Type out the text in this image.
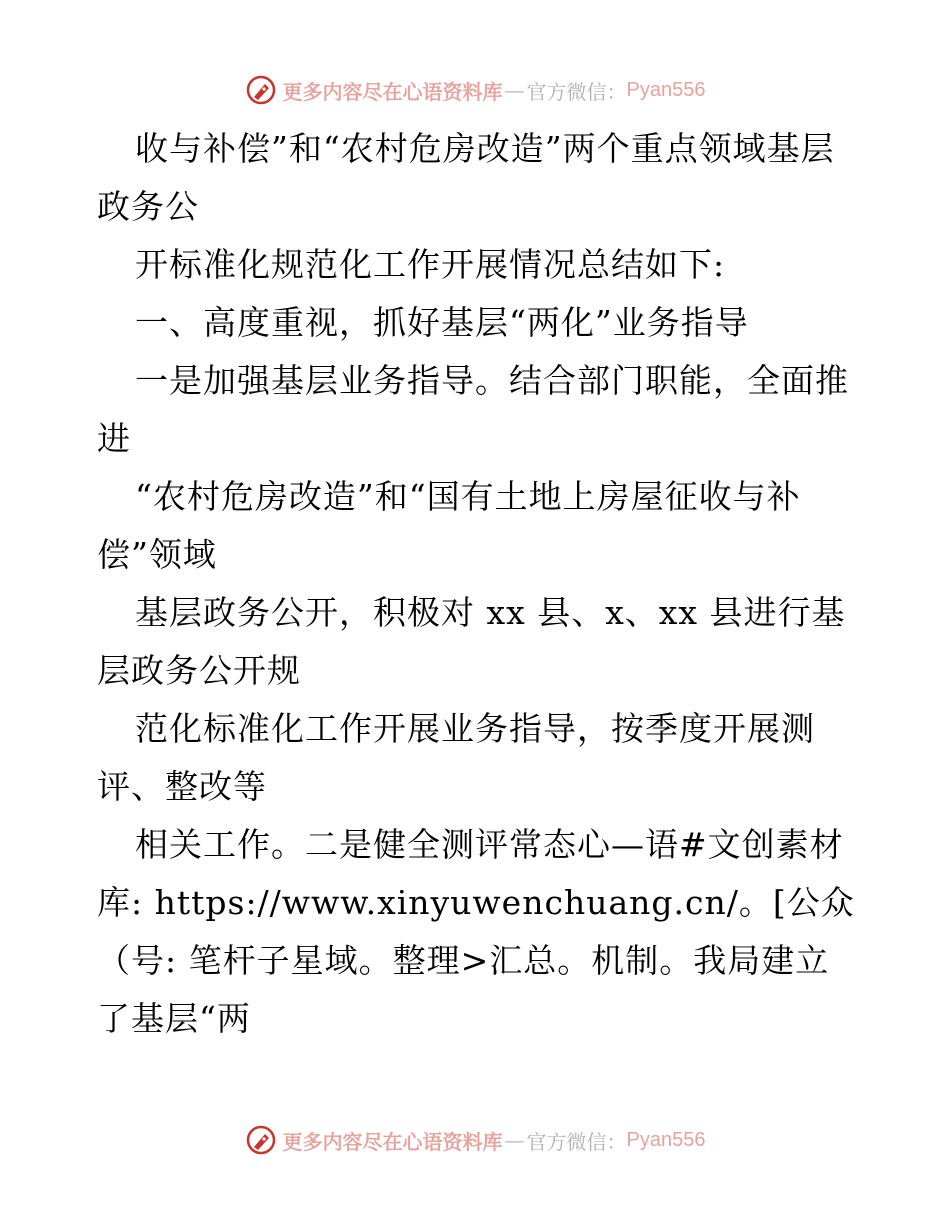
更多内容尽在心语资料库 — 官方微信： Pyan556

收与补偿”和“农村危房改造”两个重点领域基层政务公

开标准化规范化工作开展情况总结如下:

一、高度重视，抓好基层“两化”业务指导

一是加强基层业务指导。结合部门职能，全面推进

“农村危房改造”和“国有土地上房屋征收与补偿”领域

基层政务公开，积极对 xx 县、x、xx 县进行基层政务公开规

范化标准化工作开展业务指导，按季度开展测评、整改等

相关工作。二是健全测评常态心—语#文创素材库: https://www.xinyuwenchuang.cn/。[公众（号: 笔杆子星域。整理>汇总。机制。我局建立了基层“两

更多内容尽在心语资料库 — 官方微信： Pyan556
